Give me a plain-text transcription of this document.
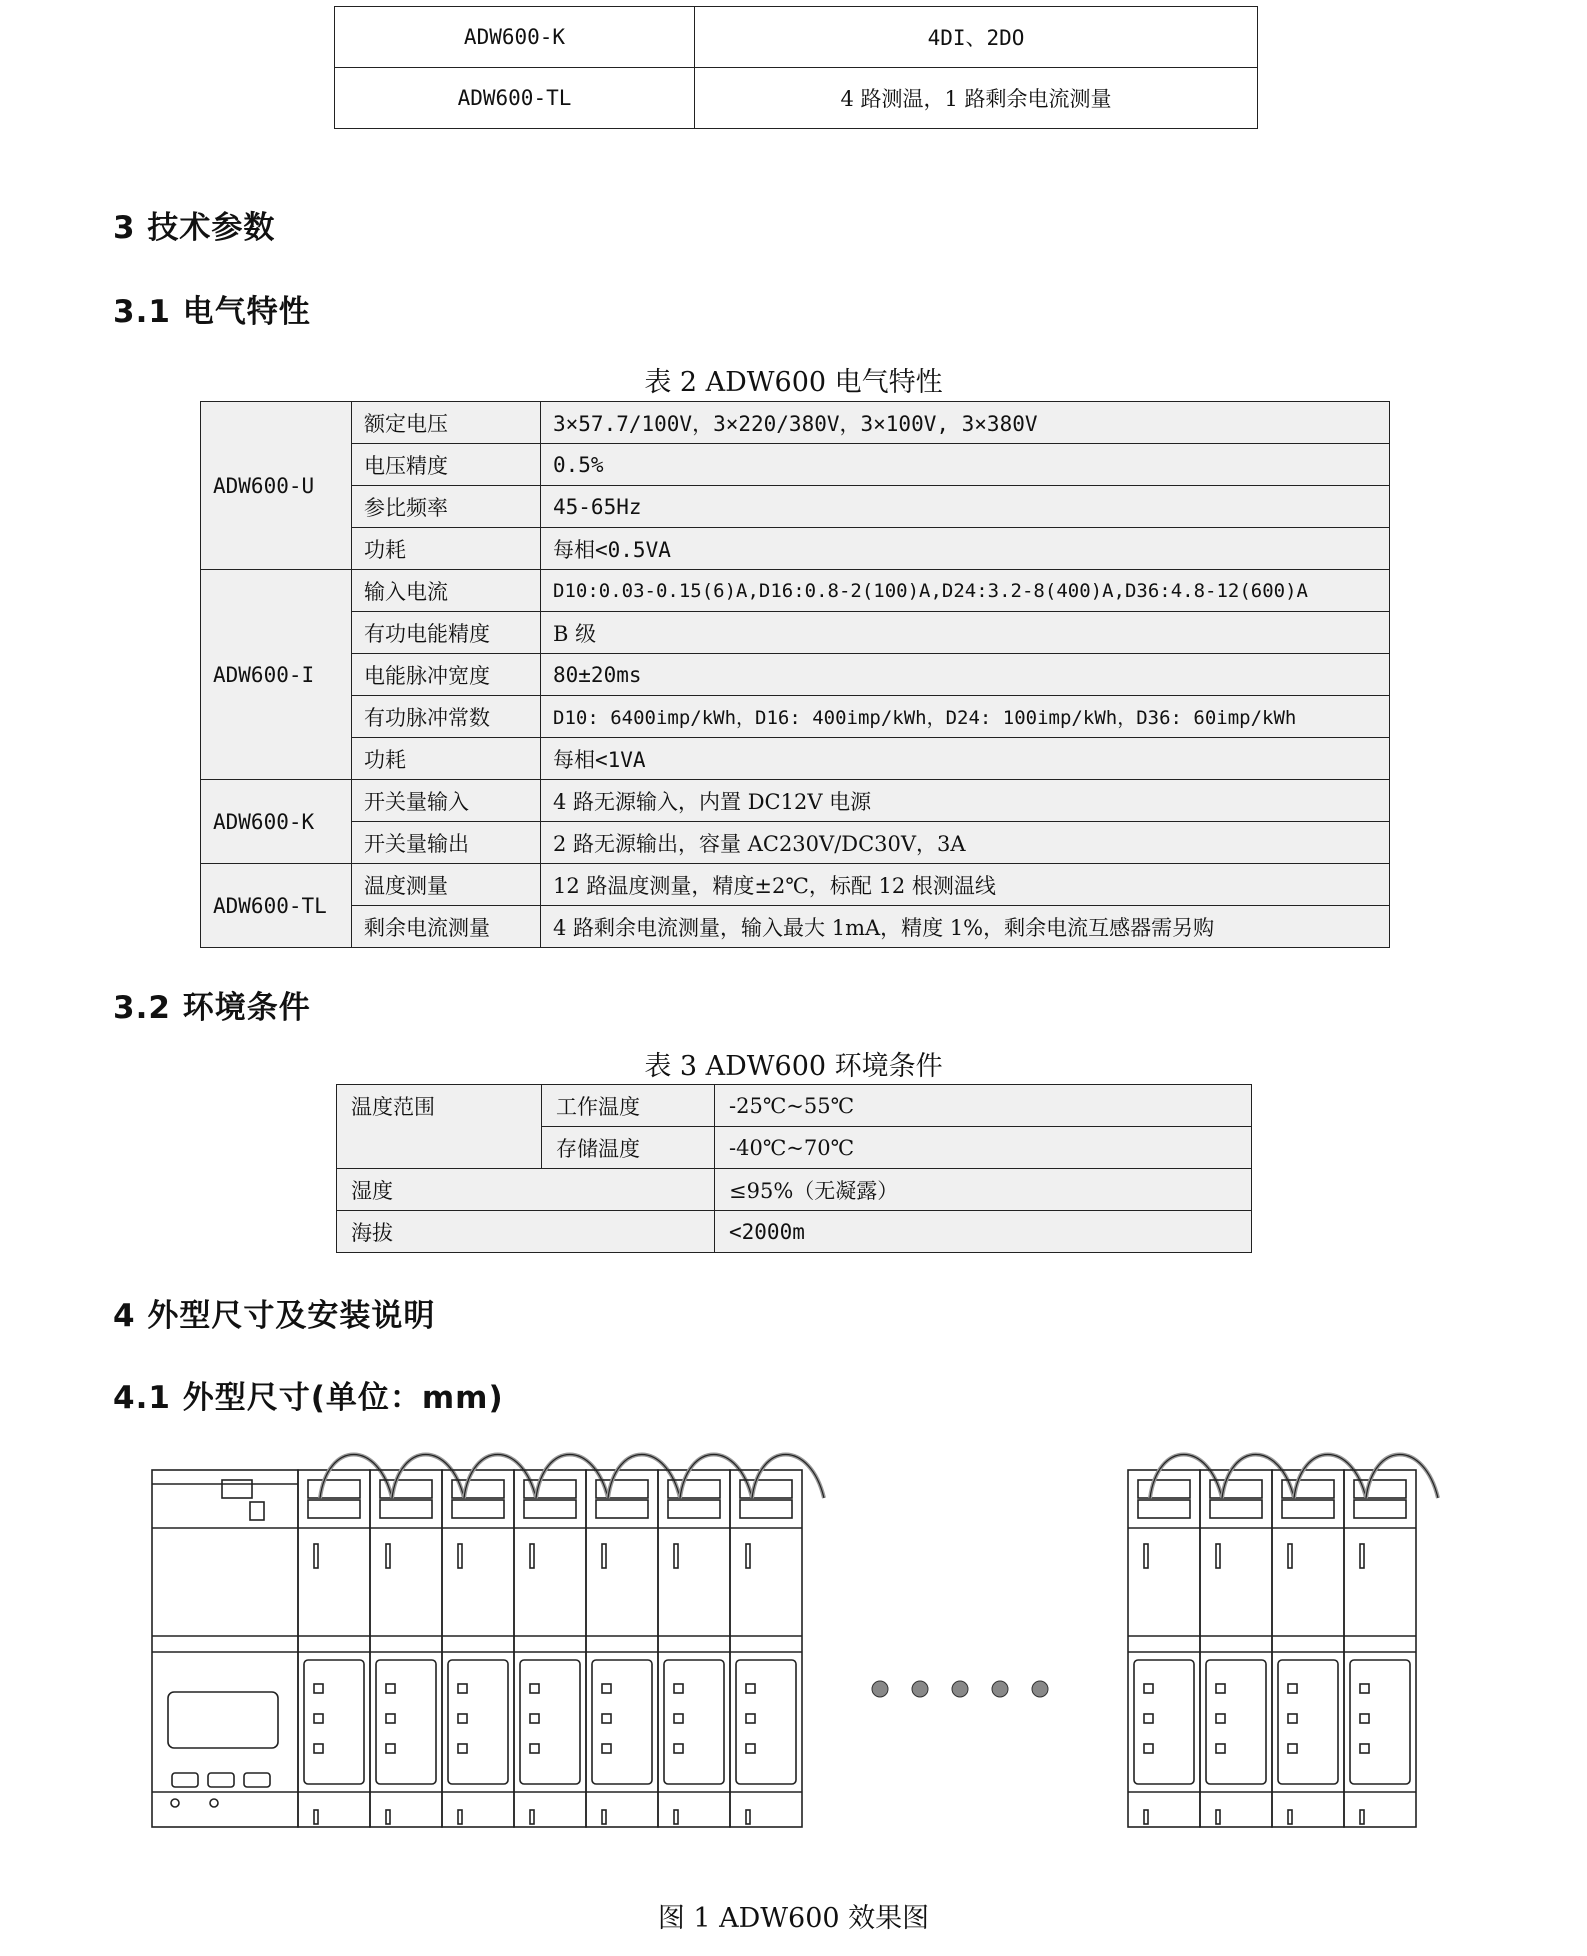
ADW600-K	4DI、2DO
ADW600-TL	4 路测温，1 路剩余电流测量
3 技术参数
3.1 电气特性
表 2 ADW600 电气特性
ADW600-U	额定电压	3×57.7/100V，3×220/380V，3×100V, 3×380V
	电压精度	0.5%
	参比频率	45-65Hz
	功耗	每相<0.5VA
ADW600-I	输入电流	D10:0.03-0.15(6)A,D16:0.8-2(100)A,D24:3.2-8(400)A,D36:4.8-12(600)A
	有功电能精度	B 级
	电能脉冲宽度	80±20ms
	有功脉冲常数	D10: 6400imp/kWh，D16: 400imp/kWh，D24: 100imp/kWh，D36: 60imp/kWh
	功耗	每相<1VA
ADW600-K	开关量输入	4 路无源输入，内置 DC12V 电源
	开关量输出	2 路无源输出，容量 AC230V/DC30V，3A
ADW600-TL	温度测量	12 路温度测量，精度±2℃，标配 12 根测温线
	剩余电流测量	4 路剩余电流测量，输入最大 1mA，精度 1%，剩余电流互感器需另购
3.2 环境条件
表 3 ADW600 环境条件
温度范围	工作温度	-25℃~55℃
	存储温度	-40℃~70℃
湿度		≤95%（无凝露）
海拔		<2000m
4 外型尺寸及安装说明
4.1 外型尺寸(单位：mm)
图 1 ADW600 效果图
